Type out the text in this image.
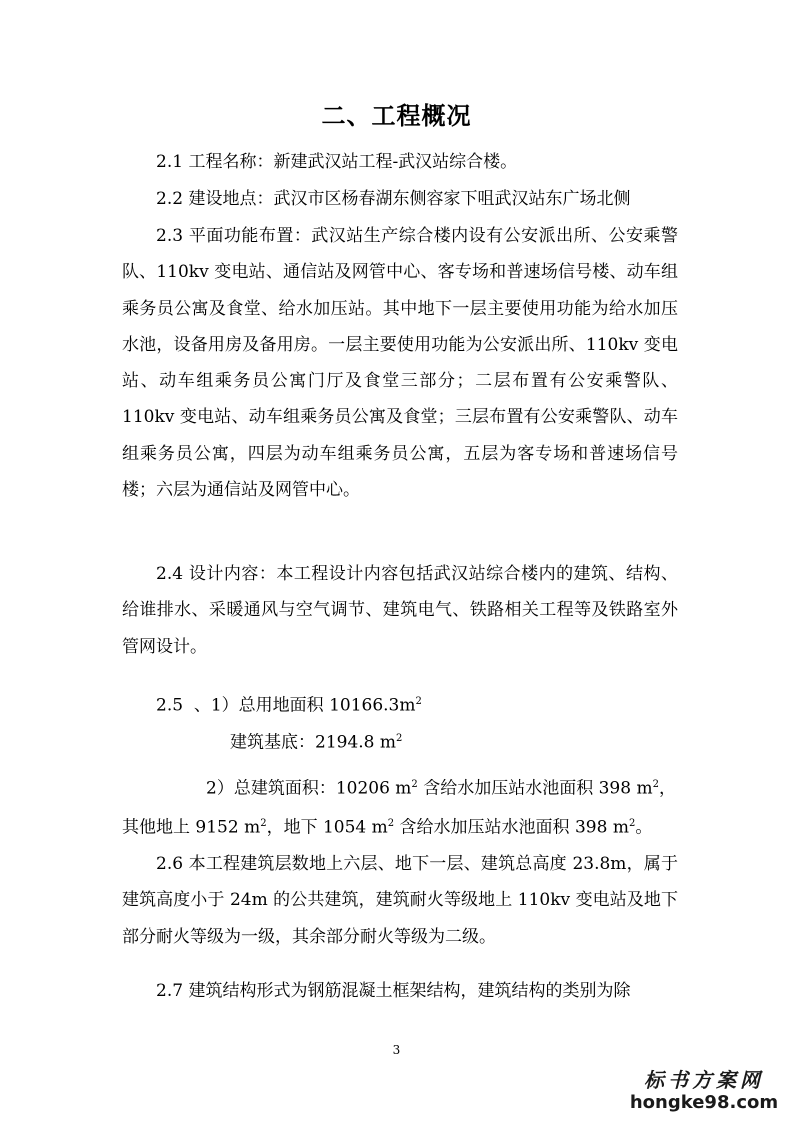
二、工程概况
2.1 工程名称：新建武汉站工程-武汉站综合楼。
2.2 建设地点：武汉市区杨春湖东侧容家下咀武汉站东广场北侧
2.3 平面功能布置：武汉站生产综合楼内设有公安派出所、公安乘警队、110kv 变电站、通信站及网管中心、客专场和普速场信号楼、动车组乘务员公寓及食堂、给水加压站。其中地下一层主要使用功能为给水加压水池，设备用房及备用房。一层主要使用功能为公安派出所、110kv 变电站、动车组乘务员公寓门厅及食堂三部分；二层布置有公安乘警队、110kv 变电站、动车组乘务员公寓及食堂；三层布置有公安乘警队、动车组乘务员公寓，四层为动车组乘务员公寓，五层为客专场和普速场信号楼；六层为通信站及网管中心。
2.4 设计内容：本工程设计内容包括武汉站综合楼内的建筑、结构、给谁排水、采暖通风与空气调节、建筑电气、铁路相关工程等及铁路室外管网设计。
2.5  、1）总用地面积 $10166.3m^2$
建筑基底：2194.8 $m^2$
2）总建筑面积：10206 $m^2$ 含给水加压站水池面积 398 $m^2$，
其他地上 9152 $m^2$，地下 1054 $m^2$ 含给水加压站水池面积 398 $m^2$。
2.6 本工程建筑层数地上六层、地下一层、建筑总高度 23.8m，属于建筑高度小于 24m 的公共建筑，建筑耐火等级地上 110kv 变电站及地下部分耐火等级为一级，其余部分耐火等级为二级。
2.7 建筑结构形式为钢筋混凝土框架结构，建筑结构的类别为除
3
标书方案网
hongke98.com
